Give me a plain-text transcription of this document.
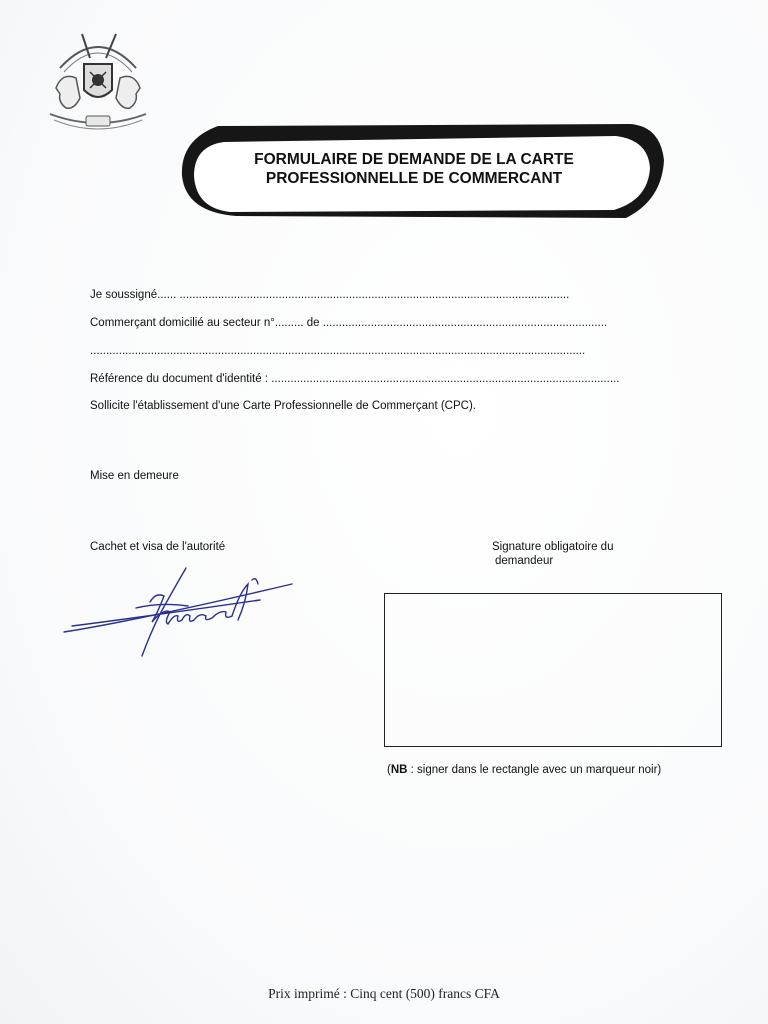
FORMULAIRE DE DEMANDE DE LA CARTE
PROFESSIONNELLE DE COMMERCANT
Je soussigné...... ..........................................................................................................................
Commerçant domicilié au secteur n°......... de .........................................................................................
...........................................................................................................................................................
Référence du document d'identité : .............................................................................................................
Sollicite l'établissement d'une Carte Professionnelle de Commerçant (CPC).
Mise en demeure
Cachet et visa de l'autorité	Signature obligatoire du
demandeur
(NB : signer dans le rectangle avec un marqueur noir)
Prix imprimé : Cinq cent (500) francs CFA
